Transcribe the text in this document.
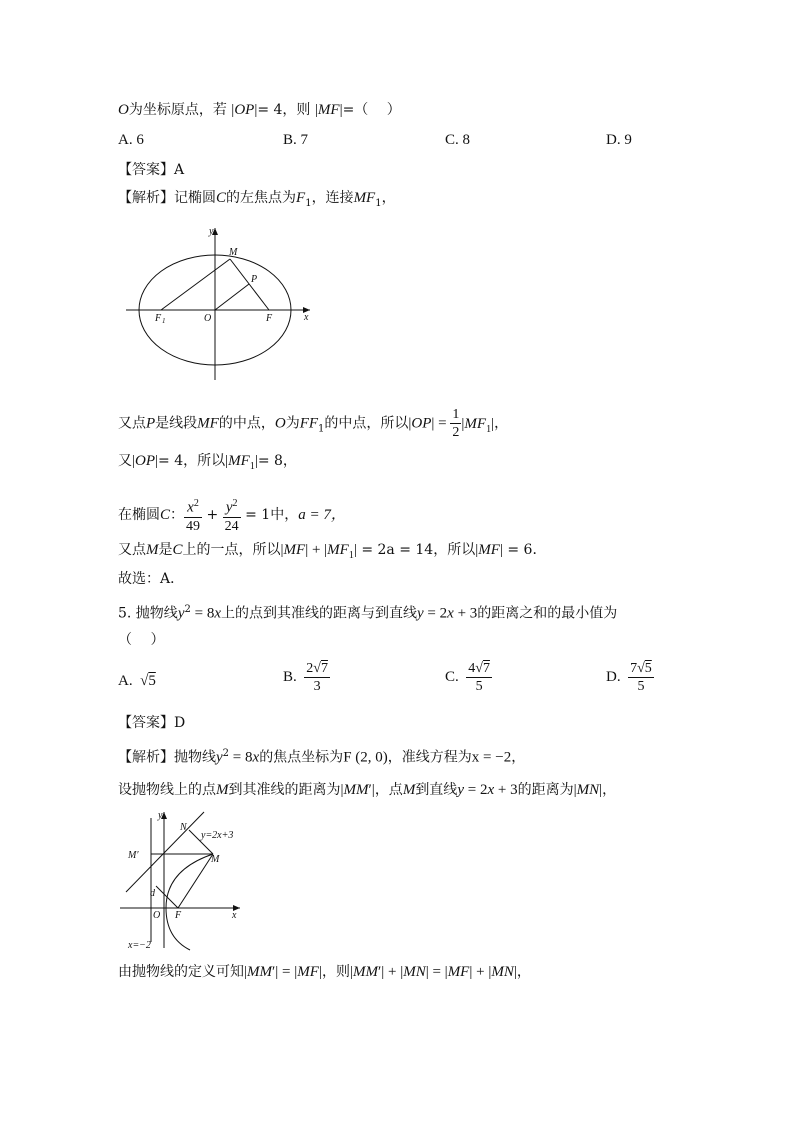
O为坐标原点，若 |OP|= 4，则 |MF|=（　 ）
A. 6	B. 7	C. 8	D. 9
【答案】A
【解析】记椭圆C的左焦点为$F_1$，连接$MF_1$，
y
x
M
P
O	F
F 1
又点P是线段MF的中点，O为$FF_1$的中点，所以$|OP| = \frac{1}{2} |MF_1|$，
又|OP|= 4，所以$|MF_1|= 8$，
在椭圆C： $\frac{x^2}{49} + \frac{y^2}{24} = 1$中，a = 7，
又点M是C上的一点，所以$|MF| + |MF_1| = 2a = 14$，所以|MF| = 6．
故选：A．
5. 抛物线$y^2 = 8x$上的点到其准线的距离与到直线y = 2x + 3的距离之和的最小值为
（　 ）
A.  √5	B. $\frac{2√7}{3}$	C. $\frac{4√7}{5}$	D. $\frac{7√5}{5}$
【答案】D
【解析】抛物线$y^2 = 8x$的焦点坐标为F (2, 0)，准线方程为x = −2，
设抛物线上的点M到其准线的距离为|MM′|，点M到直线y = 2x + 3的距离为|MN|，
y
N
y=2x+3
M′	M
d
O F	x
x=−2
由抛物线的定义可知|MM′| = |MF|，则|MM′| + |MN| = |MF| + |MN|，
